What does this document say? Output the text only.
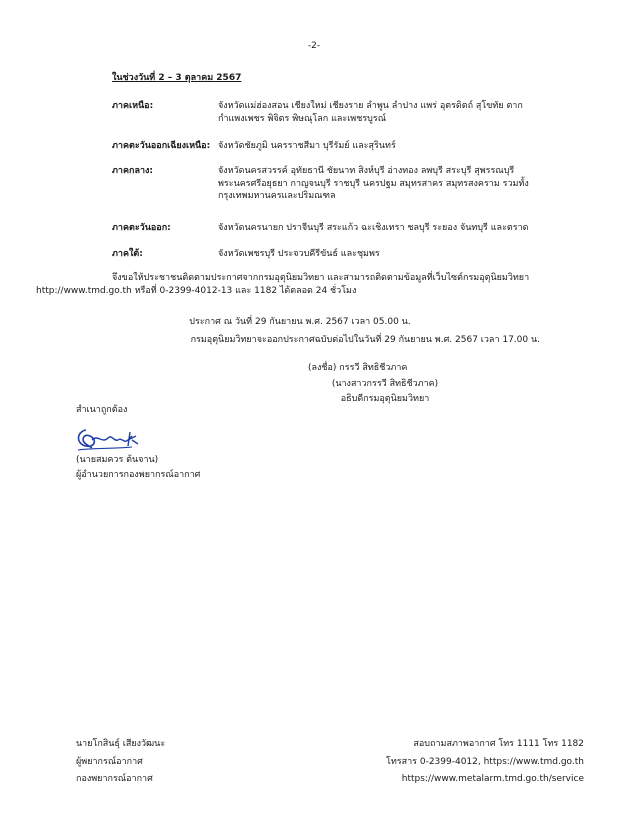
-2-
ในช่วงวันที่ 2 – 3 ตุลาคม 2567
ภาคเหนือ:	จังหวัดแม่ฮ่องสอน เชียงใหม่ เชียงราย ลำพูน ลำปาง แพร่ อุตรดิตถ์ สุโขทัย ตาก
กำแพงเพชร พิจิตร พิษณุโลก และเพชรบูรณ์
ภาคตะวันออกเฉียงเหนือ: จังหวัดชัยภูมิ นครราชสีมา บุรีรัมย์ และสุรินทร์
ภาคกลาง:	จังหวัดนครสวรรค์ อุทัยธานี ชัยนาท สิงห์บุรี อ่างทอง ลพบุรี สระบุรี สุพรรณบุรี
พระนครศรีอยุธยา กาญจนบุรี ราชบุรี นครปฐม สมุทรสาคร สมุทรสงคราม รวมทั้ง
กรุงเทพมหานครและปริมณฑล
ภาคตะวันออก:	จังหวัดนครนายก ปราจีนบุรี สระแก้ว ฉะเชิงเทรา ชลบุรี ระยอง จันทบุรี และตราด
ภาคใต้:	จังหวัดเพชรบุรี ประจวบคีรีขันธ์ และชุมพร
จึงขอให้ประชาชนติดตามประกาศจากกรมอุตุนิยมวิทยา และสามารถติดตามข้อมูลที่เว็บไซต์กรมอุตุนิยมวิทยา
http://www.tmd.go.th หรือที่ 0-2399-4012-13 และ 1182 ได้ตลอด 24 ชั่วโมง
ประกาศ ณ วันที่ 29 กันยายน พ.ศ. 2567 เวลา 05.00 น.
กรมอุตุนิยมวิทยาจะออกประกาศฉบับต่อไปในวันที่ 29 กันยายน พ.ศ. 2567 เวลา 17.00 น.
(ลงชื่อ) กรรวี สิทธิชีวภาค
(นางสาวกรรวี สิทธิชีวภาค)
อธิบดีกรมอุตุนิยมวิทยา
สำเนาถูกต้อง
(นายสมควร ต้นจาน)
ผู้อำนวยการกองพยากรณ์อากาศ
นายโกสินธุ์ เสียงวัฒนะ
ผู้พยากรณ์อากาศ
กองพยากรณ์อากาศ
สอบถามสภาพอากาศ โทร 1111 โทร 1182
โทรสาร 0-2399-4012, https://www.tmd.go.th
https://www.metalarm.tmd.go.th/service
